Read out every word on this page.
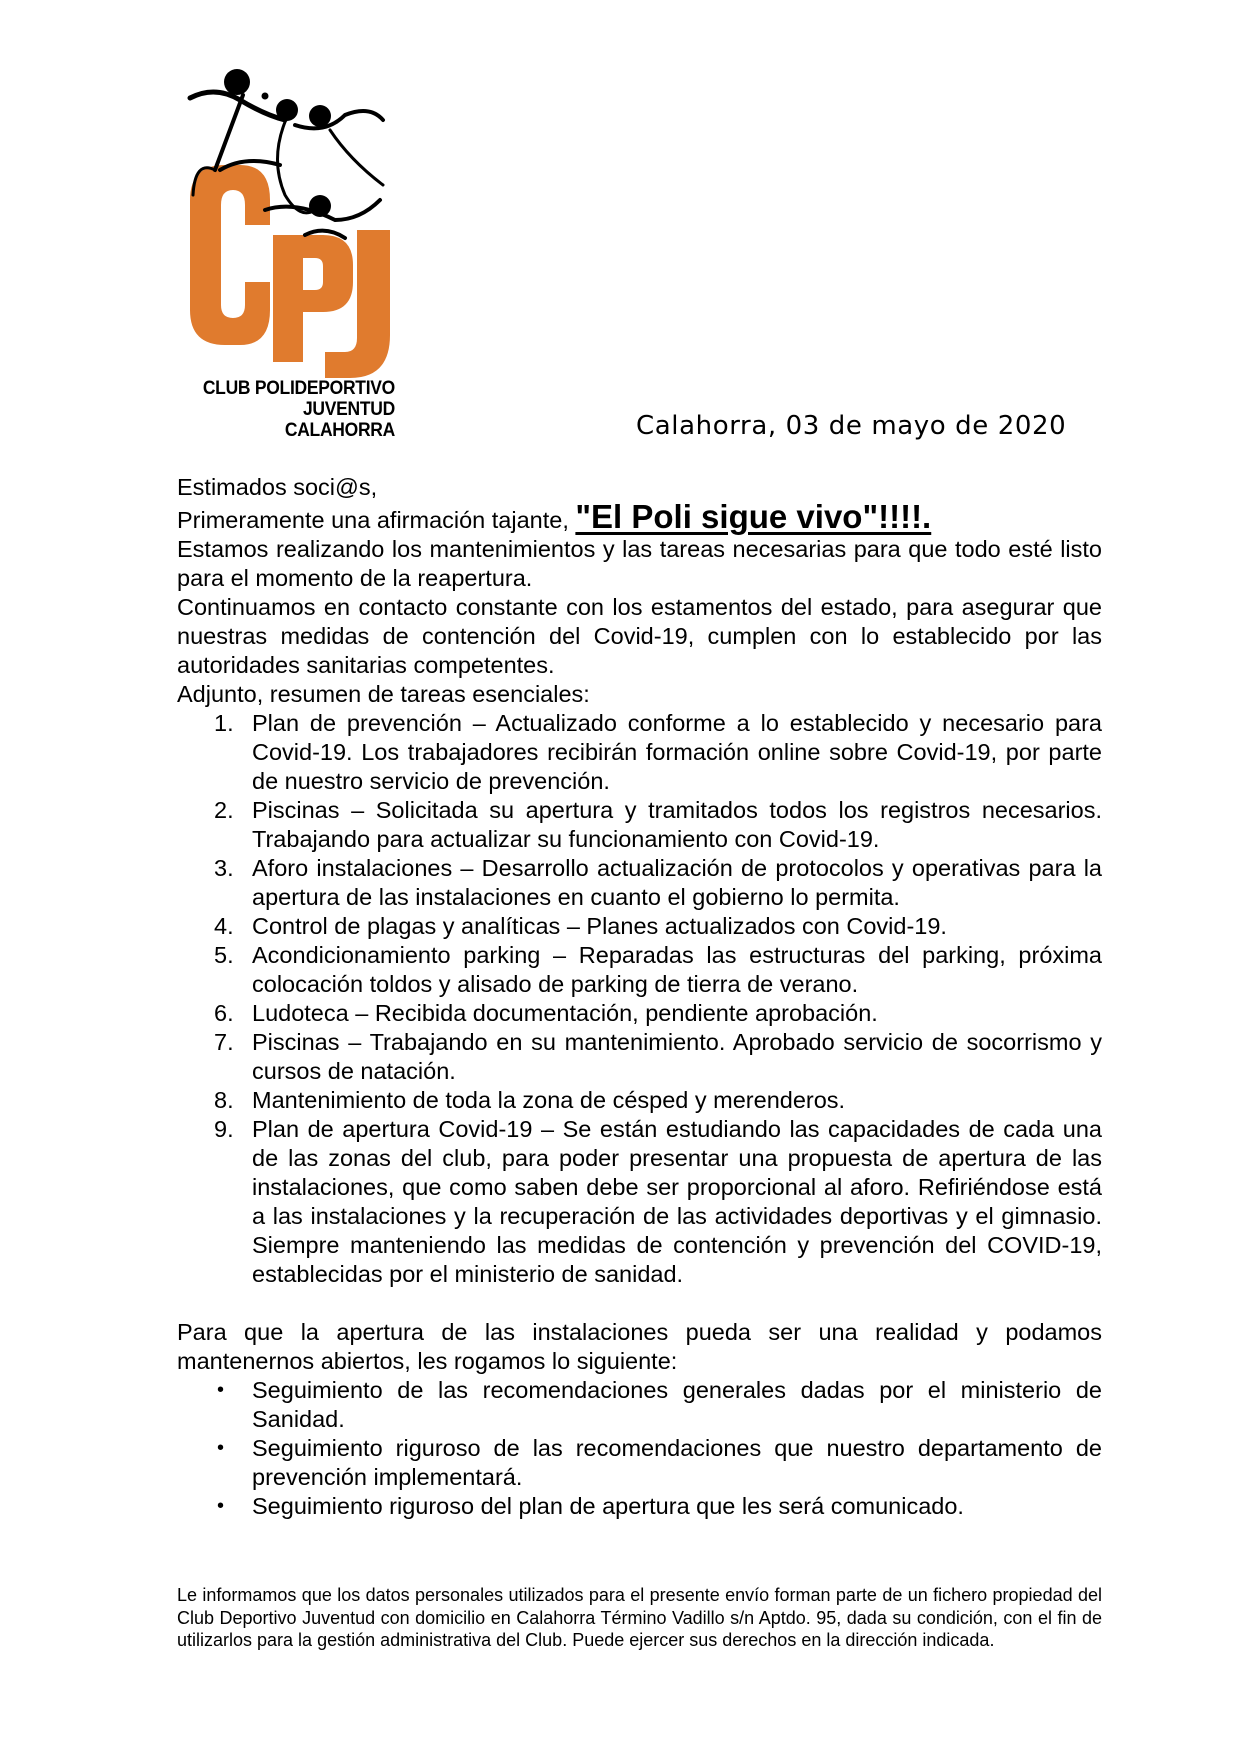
CLUB POLIDEPORTIVO
JUVENTUD
CALAHORRA	Calahorra, 03 de mayo de 2020

Estimados soci@s,

Primeramente una afirmación tajante, "El Poli sigue vivo"!!!!.

Estamos realizando los mantenimientos y las tareas necesarias para que todo esté listo para el momento de la reapertura.

Continuamos en contacto constante con los estamentos del estado, para asegurar que nuestras medidas de contención del Covid-19, cumplen con lo establecido por las autoridades sanitarias competentes.

Adjunto, resumen de tareas esenciales:

1. Plan de prevención – Actualizado conforme a lo establecido y necesario para Covid-19. Los trabajadores recibirán formación online sobre Covid-19, por parte de nuestro servicio de prevención.
2. Piscinas – Solicitada su apertura y tramitados todos los registros necesarios. Trabajando para actualizar su funcionamiento con Covid-19.
3. Aforo instalaciones – Desarrollo actualización de protocolos y operativas para la apertura de las instalaciones en cuanto el gobierno lo permita.
4. Control de plagas y analíticas – Planes actualizados con Covid-19.
5. Acondicionamiento parking – Reparadas las estructuras del parking, próxima colocación toldos y alisado de parking de tierra de verano.
6. Ludoteca – Recibida documentación, pendiente aprobación.
7. Piscinas – Trabajando en su mantenimiento. Aprobado servicio de socorrismo y cursos de natación.
8. Mantenimiento de toda la zona de césped y merenderos.
9. Plan de apertura Covid-19 – Se están estudiando las capacidades de cada una de las zonas del club, para poder presentar una propuesta de apertura de las instalaciones, que como saben debe ser proporcional al aforo. Refiriéndose está a las instalaciones y la recuperación de las actividades deportivas y el gimnasio. Siempre manteniendo las medidas de contención y prevención del COVID-19, establecidas por el ministerio de sanidad.

Para que la apertura de las instalaciones pueda ser una realidad y podamos mantenernos abiertos, les rogamos lo siguiente:

• Seguimiento de las recomendaciones generales dadas por el ministerio de Sanidad.
• Seguimiento riguroso de las recomendaciones que nuestro departamento de prevención implementará.
• Seguimiento riguroso del plan de apertura que les será comunicado.
Le informamos que los datos personales utilizados para el presente envío forman parte de un fichero propiedad del Club Deportivo Juventud con domicilio en Calahorra Término Vadillo s/n Aptdo. 95, dada su condición, con el fin de utilizarlos para la gestión administrativa del Club. Puede ejercer sus derechos en la dirección indicada.
